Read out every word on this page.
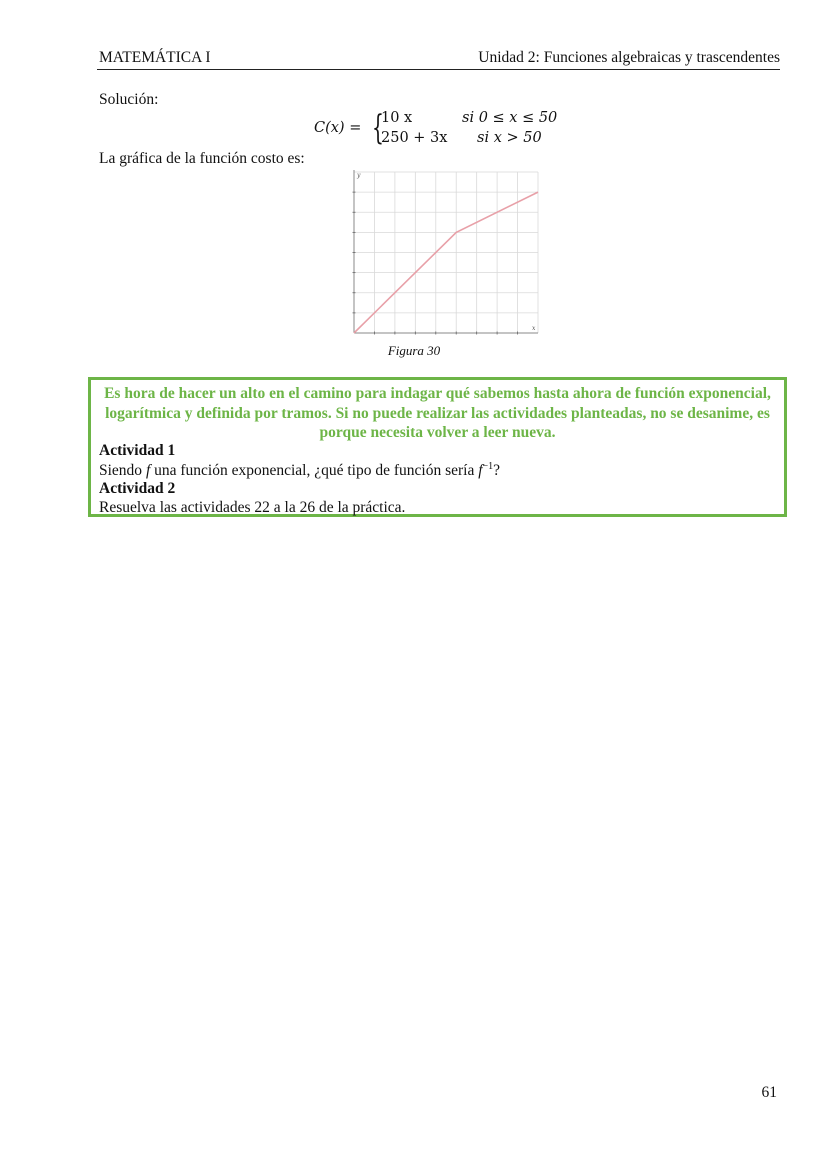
MATEMÁTICA I	Unidad 2: Funciones algebraicas y trascendentes
Solución:
C(x) = {
10 x	si 0 ≤ x ≤ 50
250 + 3x si x > 50
La gráfica de la función costo es:
x
y
Figura 30
Es hora de hacer un alto en el camino para indagar qué sabemos hasta ahora de función exponencial, logarítmica y definida por tramos. Si no puede realizar las actividades planteadas, no se desanime, es porque necesita volver a leer nueva.
Actividad 1
Siendo f una función exponencial, ¿qué tipo de función sería $f^{-1}$?
Actividad 2
Resuelva las actividades 22 a la 26 de la práctica.
61
